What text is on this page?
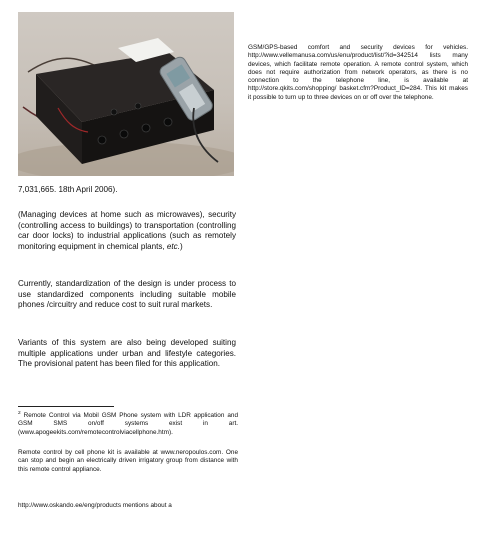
GSM/GPS-based comfort and security devices for vehicles. http://www.vellemanusa.com/us/enu/product/list/?id=342514 lists many devices, which facilitate remote operation. A remote control system, which does not require authorization from network operators, as there is no connection to the telephone line, is available at http://store.qkits.com/shopping/ basket.cfm?Product_ID=284. This kit makes it possible to turn up to three devices on or off over the telephone.

7,031,665. 18th April 2006).

(Managing devices at home such as microwaves), security (controlling access to buildings) to transportation (controlling car door locks) to industrial applications (such as remotely monitoring equipment in chemical plants, etc.)

Currently, standardization of the design is under process to use standardized components including suitable mobile phones /circuitry and reduce cost to suit rural markets.

Variants of this system are also being developed suiting multiple applications under urban and lifestyle categories. The provisional patent has been filed for this application.

$^2$ Remote Control via Mobil GSM Phone system with LDR application and GSM SMS on/off systems exist in art. (www.apogeekits.com/remotecontrolviacellphone.htm).

Remote control by cell phone kit is available at www.neropoulos.com. One can stop and begin an electrically driven irrigatory group from distance with this remote control appliance.

http://www.oskando.ee/eng/products mentions about a
